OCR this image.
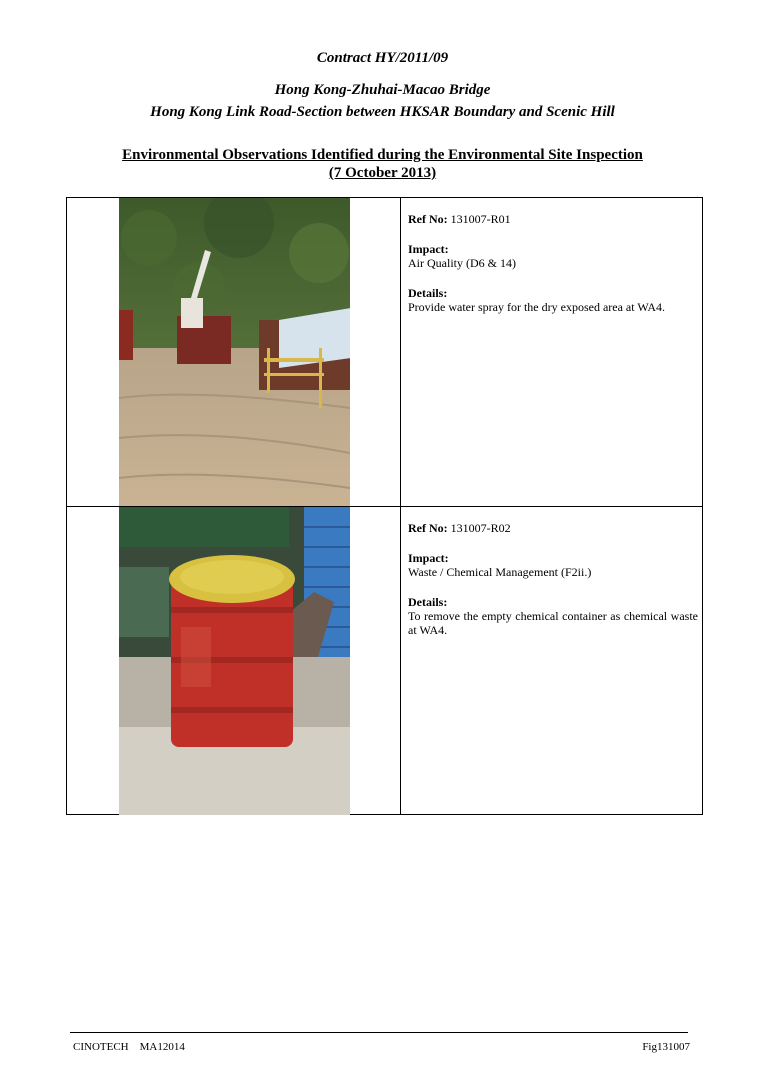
Contract HY/2011/09
Hong Kong-Zhuhai-Macao Bridge
Hong Kong Link Road-Section between HKSAR Boundary and Scenic Hill
Environmental Observations Identified during the Environmental Site Inspection
(7 October 2013)

Ref No: 131007-R01

Impact:

Air Quality (D6 & 14)

Details:

Provide water spray for the dry exposed area at WA4.

Ref No: 131007-R02

Impact:

Waste / Chemical Management (F2ii.)

Details:

To remove the empty chemical container as chemical waste at WA4.

CINOTECH MA12014	Fig131007
